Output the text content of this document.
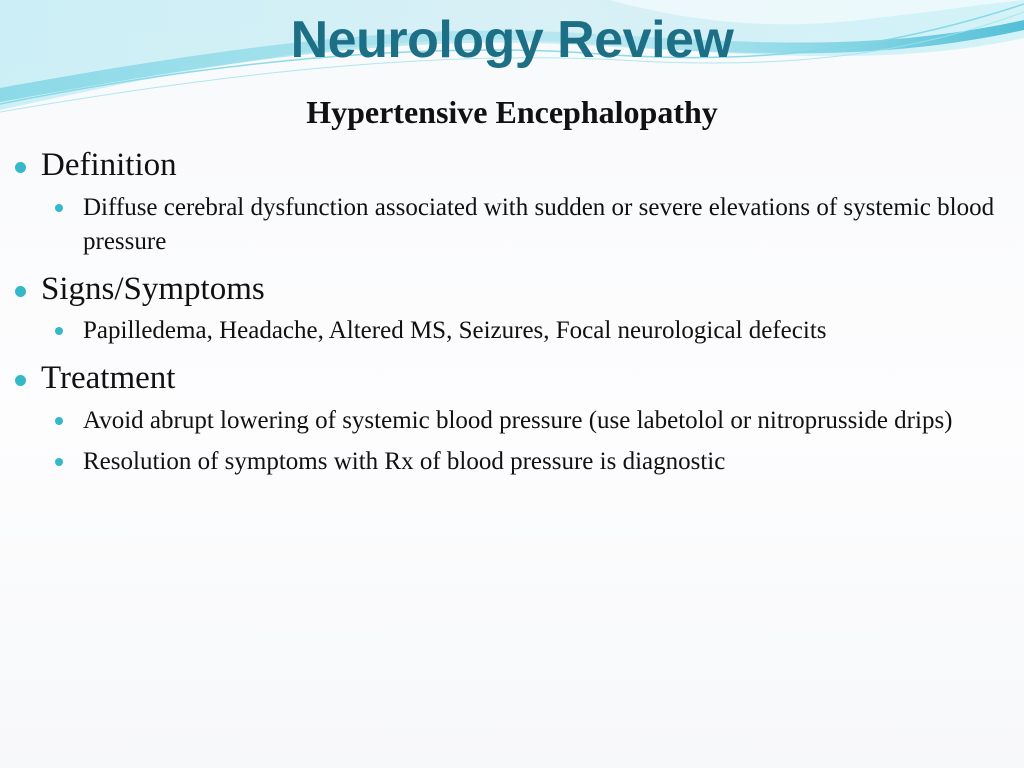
Neurology Review
Hypertensive Encephalopathy
Definition
Diffuse cerebral dysfunction associated with sudden or severe elevations of systemic blood pressure
Signs/Symptoms
Papilledema, Headache, Altered MS, Seizures, Focal neurological defecits
Treatment
Avoid abrupt lowering of systemic blood pressure (use labetolol or nitroprusside drips)
Resolution of symptoms with Rx of blood pressure is diagnostic
